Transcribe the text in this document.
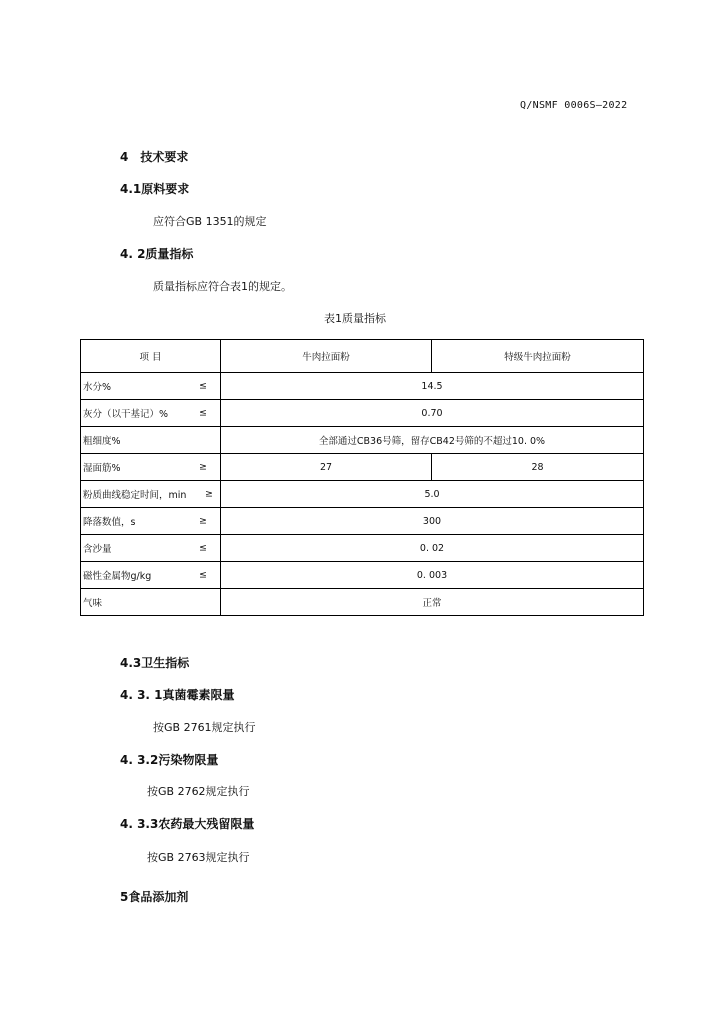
Q/NSMF 0006S—2022
4 技术要求
4.1原料要求
应符合GB 1351的规定
4. 2质量指标
质量指标应符合表1的规定。
表1质量指标
项 目	牛肉拉面粉	特级牛肉拉面粉

水分% ≤	14.5	

灰分（以干基记）% ≤	0.70	

粗细度%	全部通过CB36号筛，留存CB42号筛的不超过10. 0%	

湿面筋% ≥	27	28

粉质曲线稳定时间，min ≥	5.0	

降落数值，s ≥	300	

含沙量 ≤	0. 02	

磁性金属物g/kg ≤	0. 003	

气味	正常	
4.3卫生指标
4. 3. 1真菌霉素限量
按GB 2761规定执行
4. 3.2污染物限量
按GB 2762规定执行
4. 3.3农药最大残留限量
按GB 2763规定执行
5食品添加剂
